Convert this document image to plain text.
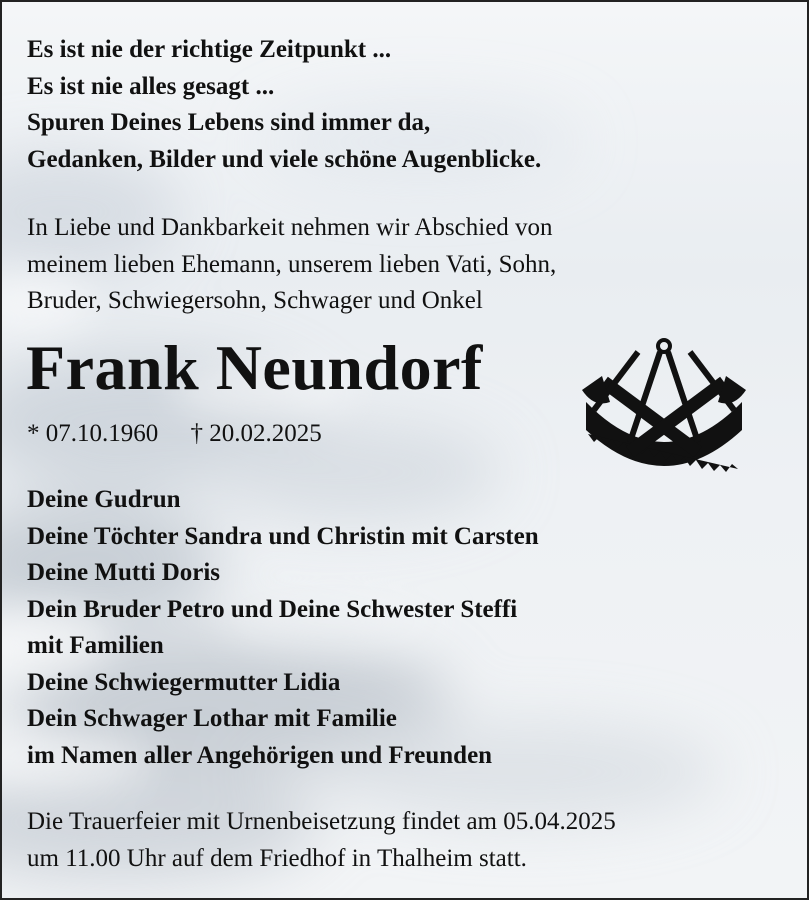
Es ist nie der richtige Zeitpunkt ...
Es ist nie alles gesagt ...
Spuren Deines Lebens sind immer da,
Gedanken, Bilder und viele schöne Augenblicke.

In Liebe und Dankbarkeit nehmen wir Abschied von
meinem lieben Ehemann, unserem lieben Vati, Sohn,
Bruder, Schwiegersohn, Schwager und Onkel

Frank Neundorf

* 07.10.1960 † 20.02.2025

Deine Gudrun
Deine Töchter Sandra und Christin mit Carsten
Deine Mutti Doris
Dein Bruder Petro und Deine Schwester Steffi
mit Familien
Deine Schwiegermutter Lidia
Dein Schwager Lothar mit Familie
im Namen aller Angehörigen und Freunden

Die Trauerfeier mit Urnenbeisetzung findet am 05.04.2025
um 11.00 Uhr auf dem Friedhof in Thalheim statt.
